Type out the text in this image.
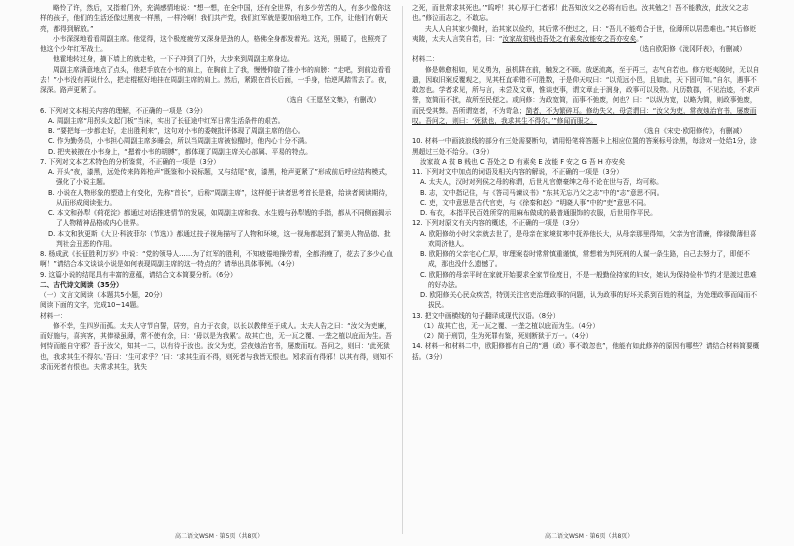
略怜了许，然后，又指着门外，充满感情地说：“想一想，在全中国，还有全世界，有多少劳苦的人，有多少像你这样的孩子，他们的生活还像过黑夜一样黑，一样冷啊！我们共产党，我们红军就是要加倍地工作，工作，让他们有朝天亮，都得到解放。”

小韦深深地看看周副主席。他觉得，这个极度疲劳又深身是劲的人，格佛全身都发着光。这光，照暖了，也照亮了他这个少年红军战士。

他霍地转过身，摘下墙上的就走枪，一下子冲到了门外，大步来到周副主席身边。

周副主席满意地点了点头，他把手放在小韦的肩上，在胸前上了我，慢慢仰旋了推小韦的肩膀：“走吧，到前边看看去！”小韦没有再说什么，把走棍框好地挂在周副主席的肩上。然后，紧跟在首长后面，一手身，怡逆风踏雪去了。夜，深深。路声更紧了。

（选自《王愿坚文集》，有删改）

6. 下列对文本相关内容的理解，不正确的一项是（3分）

A. 周副主席“用拐头支起门板”当床，实出了长征途中红军日常生活条件的艰苦。

B. “要把每一步都走好，走出胜利来”，这句对小韦的委婉批评体现了周副主席的信心。

C. 作为勤务员，小韦担心周副主席多睡会，所以当周副主席被惊醒时，他内心十分不满。

D. 把夹被掖在小韦身上，“摁着小韦的胡膊”，都体现了周副主席关心部属、平易的特点。

7. 下列对文本艺术特色的分析鉴赏，不正确的一项是（3分）

A. 开头“夜，漆黑，远处传来阵阵枪声”既鉴和小说标题，又与结尾“夜，漆黑，枪声更紧了”形成前后呼应结构模式，强化了小说主题。

B. 小说在人物形象的塑造上有变化，先称“首长”，后称“周副主席”，这样便于读者思考首长是谁，给读者阅读期待，从而形成阅读张力。

C. 本文和孙犁《荷花淀》都通过对话推进情节的发展，如周副主席和我、水生嫂与孙犁嫂的手指，都从不同侧面揭示了人物精神品格或内心世界。

D. 本文和狄更斯《大卫·科波菲尔（节选）》都通过技子视角描写了人物和环境，这一视角都起到了繁美人物品德、批判社会丑恶的作用。

8. 杨成武《长征胜利万岁》中说：“党的领导人……为了红军的胜利，不知疲倦地操劳着，全都消瘦了，花去了多少心血啊！”请结合本文谈谈小说是如何表现周副主席的这一特点的？请举出具体事例。（4分）

9. 这篇小说的结尾具有丰富的意蕴，请结合文本简要分析。（6分）

二、古代诗文阅读（35分）

（一）文言文阅读（本题共5小题，20分）

阅读下面的文字，完成10~14题。

材料一：

修不幸，生四岁而孤。太夫人守节自誓，居穷，自力于衣食，以长以教俾至于成人。太夫人告之曰：“汝父为吏廉，而好施与，喜宾客，其俸禄虽薄，常不使有余，曰：‘毋以是为我累’。故其亡也，无一瓦之覆、一垄之植以庇而为生。吾何恃而能自守邪？吾于汝父，知其一二，以有待于汝也。汝父为吏，尝夜烛治官书，屡废而叹。吾问之，则曰：‘此死狱也，我求其生不得尔。’吾曰：‘生可求乎？’曰：‘求其生而不得，则死者与我皆无恨也。矧求而有得邪！以其有得，则知不求而死者有恨也。夫常求其生，犹失

之死，而世常求其死也。’”呜呼！其心厚于仁者邪！此吾知汝父之必将有后也。汝其勉之！吾不能教汝，此汝父之志也。”修泣而志之，不敢忘。

夫人人自其家少微时，治其家以俭约，其后常不使过之，曰：“吾儿不能苟合于世，俭薄所以居患难也。”其后修贬夷陵，太夫人言笑自若，曰：“汝家故贫贱也吾处之有素矣汝能安之吾亦安矣。”

（选自欧阳修《泷冈阡表》，有删减）

材料二：

修是韩愈相如，见义勇为，虽机阱在前，触发之不顾。放逐流离，至于再三，志气自若也。修方贬夷陵时，无以自遣，因取旧案反覆观之，见其枉直乖错不可胜数，于是仰天叹曰：“以荒远小邑，且如此，天下固可知。”自尔，遇事不敢忽也。学者求见，所与言，未尝及文章，惟谈吏事，谓文章止于润身，政事可以及物。凡历数郡，不见治迹，不求声誉，宽简而不扰，故所至民便之。或问修：为政宽简，而事不弛废，何也？曰：“以纵为宽，以略为简，则政事弛废，而民受其弊。吾所谓宽者，不为苛急；简者，不为繁碎耳。修幼失父，母尝谓曰：“汝父为吏，常夜烛治官书，屡废而叹。吾问之，则曰：‘死狱也，我求其生不得尔。’”修闻而服之。

（选自《宋史·欧阳修传》，有删减）

10. 材料一中画波浪线的部分有三处需要断句，请用铅笔将答题卡上相应位置的答案标号涂黑，每涂对一处给1分，涂黑超过三处不给分。（3分）

汝家故 A 贫 B 贱也 C 吾处之 D 有素矣 E 汝能 F 安之 G 吾 H 亦安矣

11. 下列对文中加点的词语及相关内容的解说，不正确的一项是（3分）

A. 太夫人，汉时对列侯之母的称谓，后世凡官僚豪绅之母不论在世与否，均可称。

B. 志，文中指记住，与《答司马谏议书》“东其无忘乃父之志”中的“志”意思不同。

C. 吏，文中意思是古代官吏，与《徐秦和赵》“明晓人事”中的“吏”意思不同。

D. 布衣，本指平民百姓所穿的用麻布做成的最普通服饰的衣服，后世用作平民。

12. 下列对原文有关内容的概述，不正确的一项是（3分）

A. 欧阳修幼小时父亲就去世了，是母亲在家境贫寒中抚养他长大，从母亲那里得知，父亲为官清廉，俸禄微薄但喜欢周济他人。

B. 欧阳修的父亲宅心仁厚，审理案卷时常常慎重谨慎，常想着为判死刑的人谋一条生路，自己去努力了，即便不成，那也没什么遗憾了。

C. 欧阳修的母亲平时在家就开始要求全家节俭度日，不是一般勤俭持家的妇女，她认为保持俭朴节约才是渡过患难的好办法。

D. 欧阳修关心民众疾苦，特别关注官吏治理政事的问题，认为政事的好坏关系到百姓的利益，为处理政事而闻而不拔民。

13. 把文中画横线的句子翻译成现代汉语。（8分）

（1）故其亡也，无一瓦之覆、一垄之植以庇而为生。（4分）

（2）简于刑罚，生为死罪有鉴，死则断狱于万一。（4分）

14. 材料一和材料二中，欧阳修都有自己的“遇（政）事不敢忽也”，他能有如此修养的原因有哪些？请结合材料简要概括。（3分）

高二语文WSM · 第5页（共8页）	高二语文WSM · 第6页（共8页）
